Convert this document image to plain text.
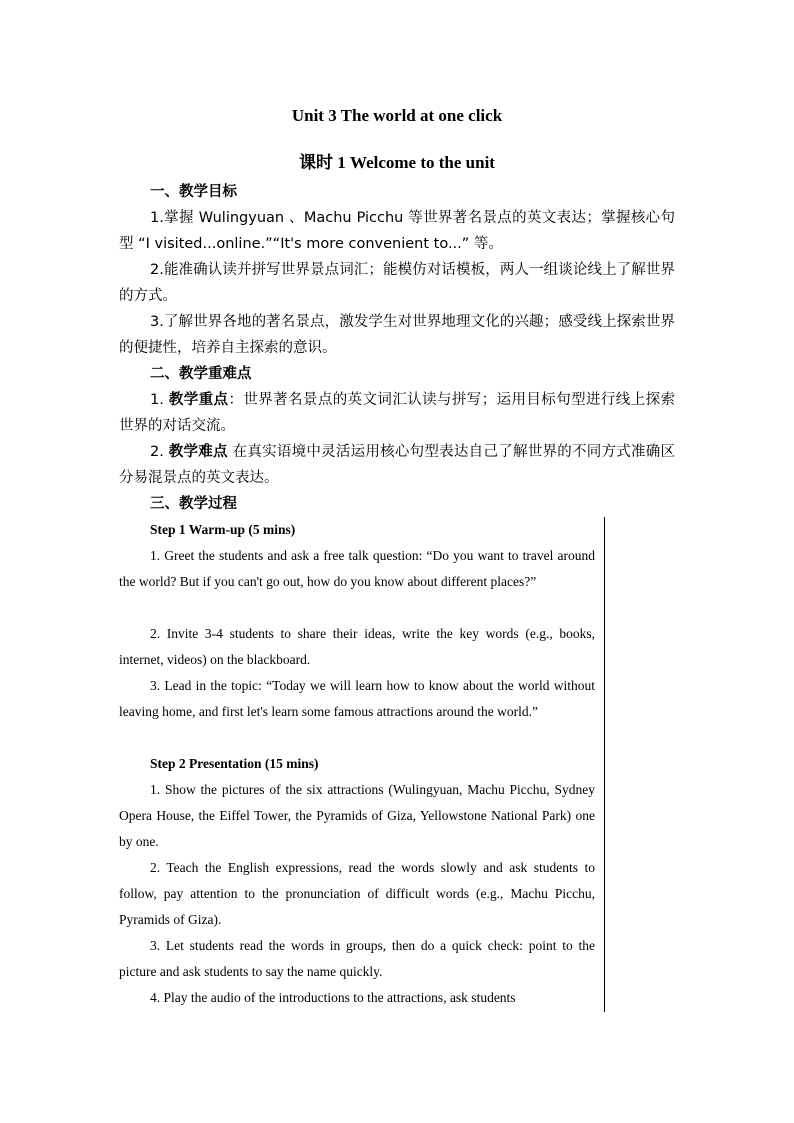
Unit 3 The world at one click
课时 1 Welcome to the unit
一、教学目标
1.掌握 Wulingyuan 、Machu Picchu 等世界著名景点的英文表达；掌握核心句型 “I visited...online.”“It's more convenient to...” 等。
2.能准确认读并拼写世界景点词汇；能模仿对话模板，两人一组谈论线上了解世界的方式。
3.了解世界各地的著名景点，激发学生对世界地理文化的兴趣；感受线上探索世界的便捷性，培养自主探索的意识。
二、教学重难点
1. 教学重点：世界著名景点的英文词汇认读与拼写；运用目标句型进行线上探索世界的对话交流。
2. 教学难点 在真实语境中灵活运用核心句型表达自己了解世界的不同方式准确区分易混景点的英文表达。
三、教学过程
Step 1 Warm-up (5 mins)
1. Greet the students and ask a free talk question: “Do you want to travel around the world? But if you can't go out, how do you know about different places?”
2. Invite 3-4 students to share their ideas, write the key words (e.g., books, internet, videos) on the blackboard.
3. Lead in the topic: “Today we will learn how to know about the world without leaving home, and first let's learn some famous attractions around the world.”
Step 2 Presentation (15 mins)
1. Show the pictures of the six attractions (Wulingyuan, Machu Picchu, Sydney Opera House, the Eiffel Tower, the Pyramids of Giza, Yellowstone National Park) one by one.
2. Teach the English expressions, read the words slowly and ask students to follow, pay attention to the pronunciation of difficult words (e.g., Machu Picchu, Pyramids of Giza).
3. Let students read the words in groups, then do a quick check: point to the picture and ask students to say the name quickly.
4. Play the audio of the introductions to the attractions, ask students
